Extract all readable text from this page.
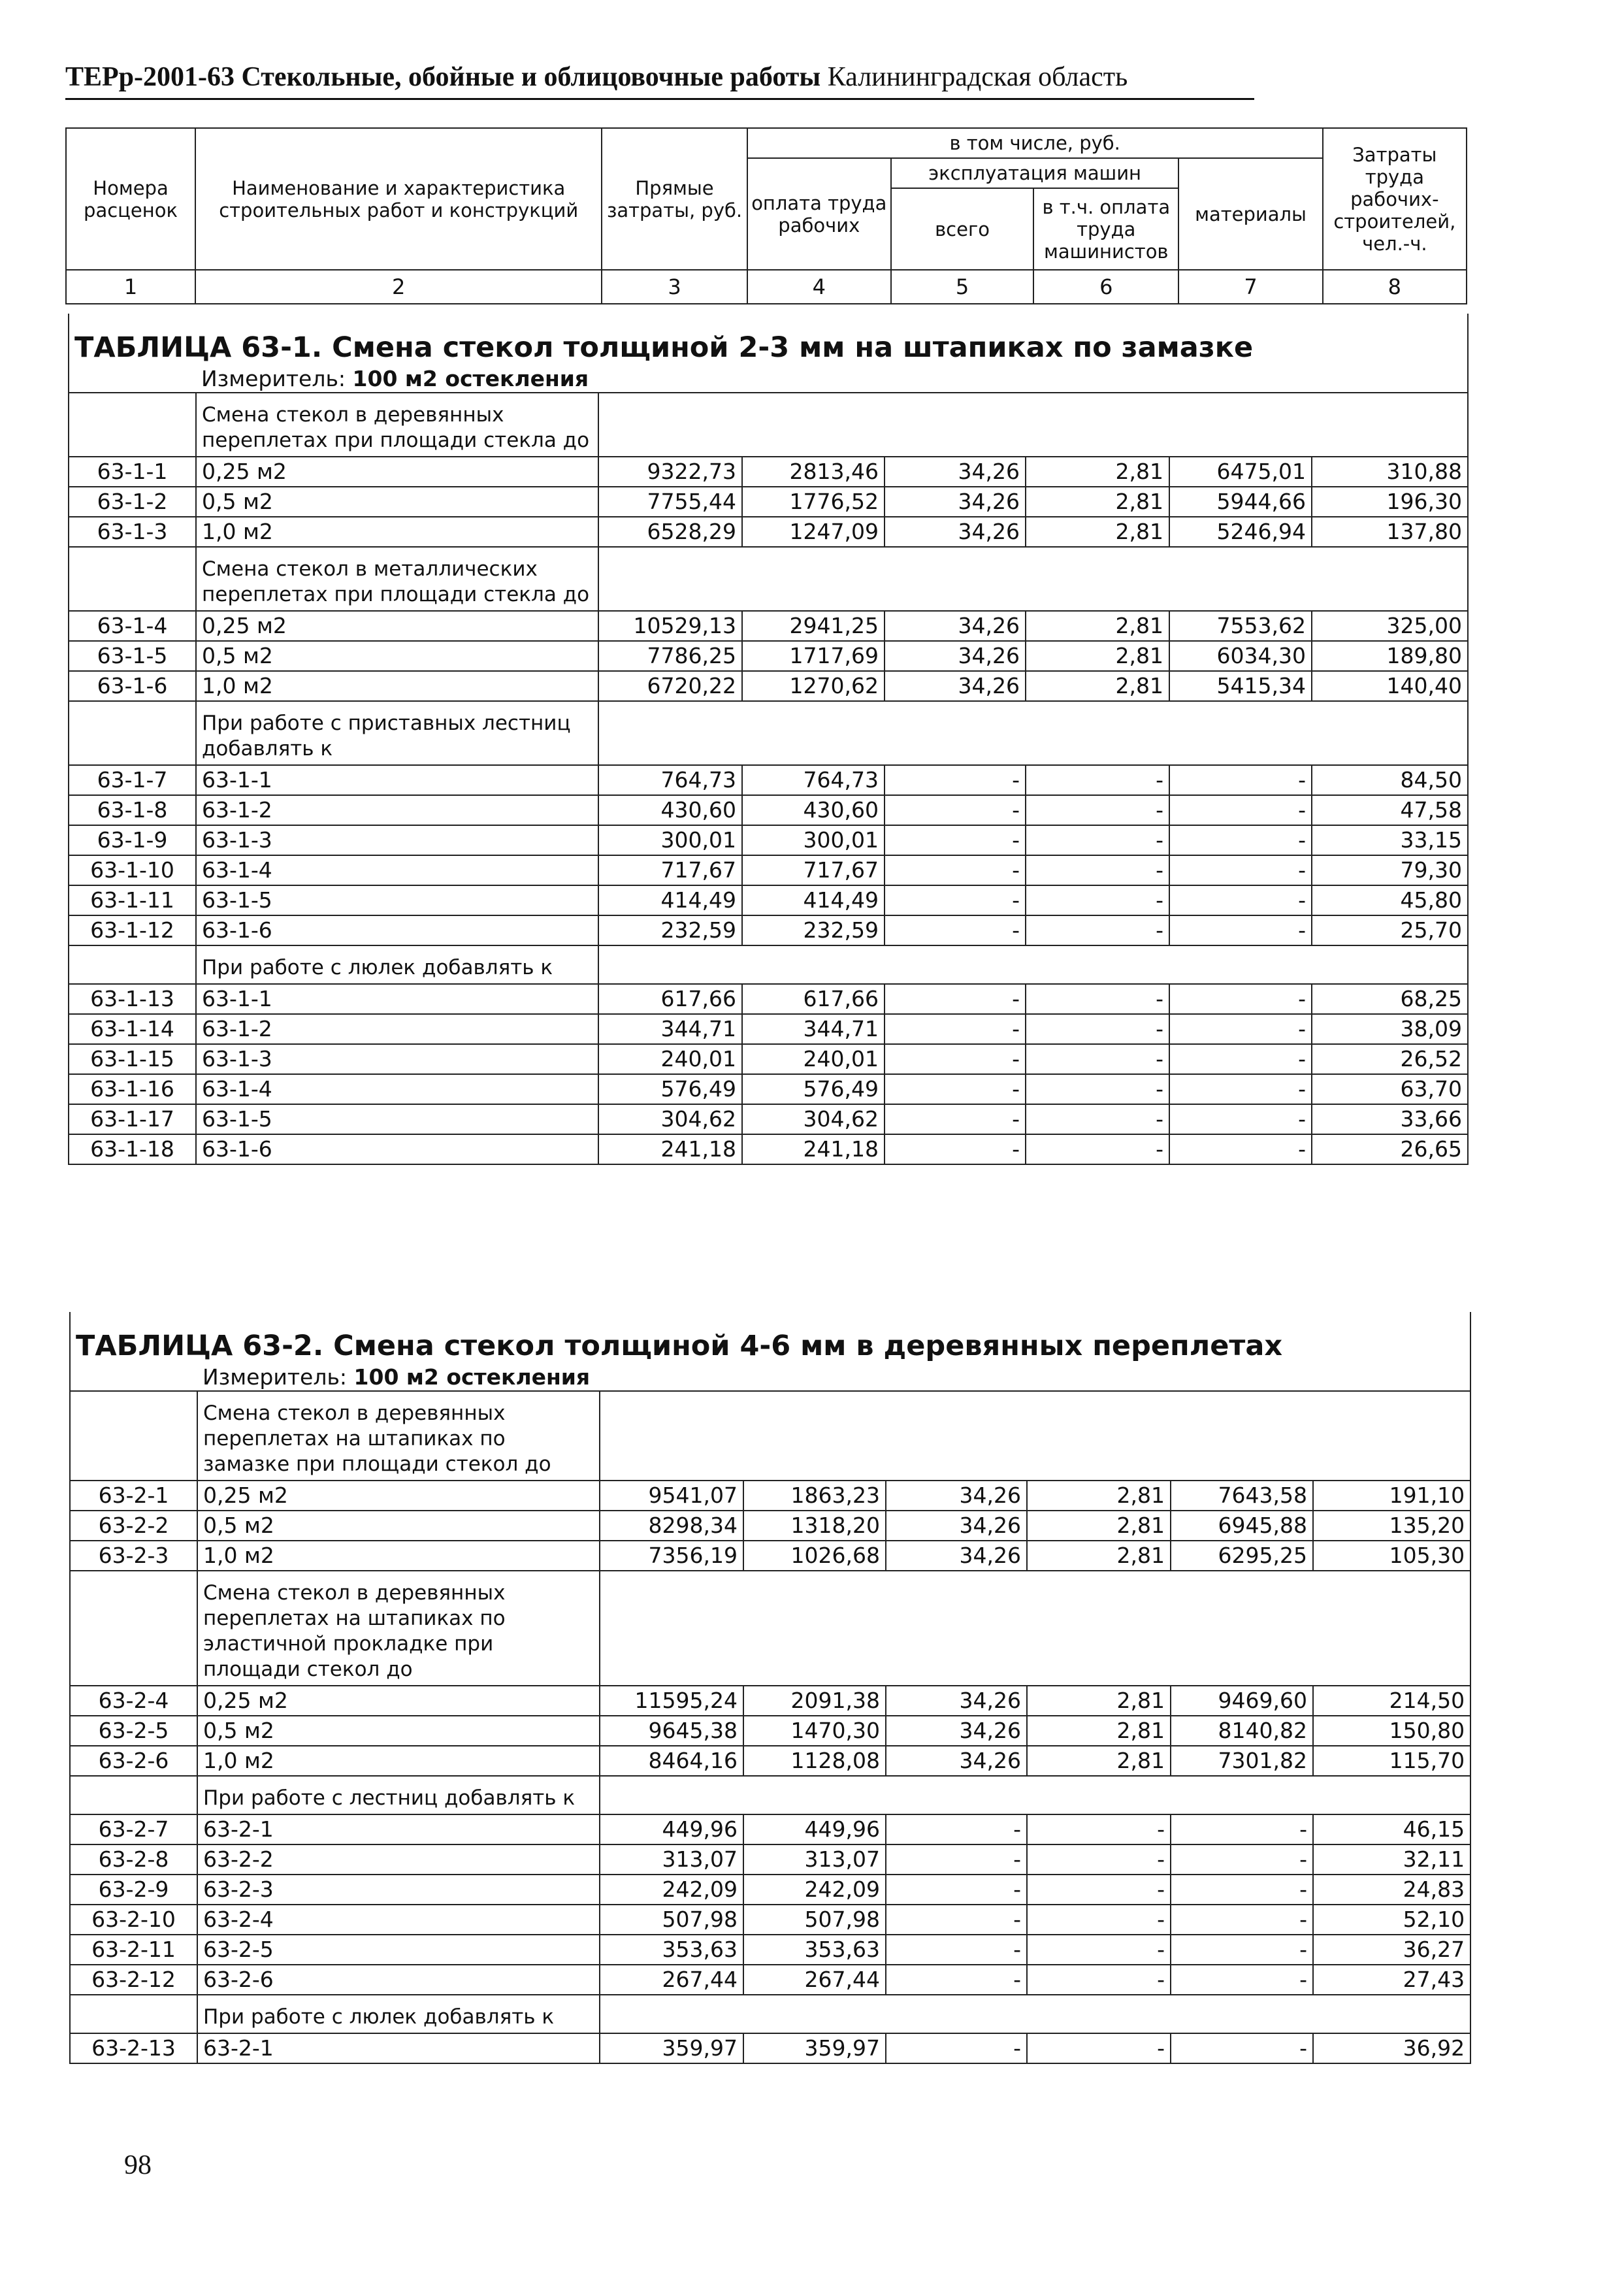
ТЕРр-2001-63 Стекольные, обойные и облицовочные работы Калининградская область
Номера расценок	Наименование и характеристика строительных работ и конструкций	Прямые затраты, руб.	в том числе, руб.				Затраты труда рабочих-строителей, чел.-ч.
			оплата труда рабочих	эксплуатация машин		материалы	
				всего	в т.ч. оплата труда машинистов		
1	2	3	4	5	6	7	8
ТАБЛИЦА 63-1. Смена стекол толщиной 2-3 мм на штапиках по замазке							

	Измеритель: 100 м2 остекления						
	Смена стекол в деревянных переплетах при площади стекла до						
63-1-1	0,25 м2	9322,73	2813,46	34,26	2,81	6475,01	310,88
63-1-2	0,5 м2	7755,44	1776,52	34,26	2,81	5944,66	196,30
63-1-3	1,0 м2	6528,29	1247,09	34,26	2,81	5246,94	137,80
	Смена стекол в металлических переплетах при площади стекла до						
63-1-4	0,25 м2	10529,13	2941,25	34,26	2,81	7553,62	325,00
63-1-5	0,5 м2	7786,25	1717,69	34,26	2,81	6034,30	189,80
63-1-6	1,0 м2	6720,22	1270,62	34,26	2,81	5415,34	140,40
	При работе с приставных лестниц добавлять к						
63-1-7	63-1-1	764,73	764,73	-	-	-	84,50
63-1-8	63-1-2	430,60	430,60	-	-	-	47,58
63-1-9	63-1-3	300,01	300,01	-	-	-	33,15
63-1-10	63-1-4	717,67	717,67	-	-	-	79,30
63-1-11	63-1-5	414,49	414,49	-	-	-	45,80
63-1-12	63-1-6	232,59	232,59	-	-	-	25,70
	При работе с люлек добавлять к						
63-1-13	63-1-1	617,66	617,66	-	-	-	68,25
63-1-14	63-1-2	344,71	344,71	-	-	-	38,09
63-1-15	63-1-3	240,01	240,01	-	-	-	26,52
63-1-16	63-1-4	576,49	576,49	-	-	-	63,70
63-1-17	63-1-5	304,62	304,62	-	-	-	33,66
63-1-18	63-1-6	241,18	241,18	-	-	-	26,65
ТАБЛИЦА 63-2. Смена стекол толщиной 4-6 мм в деревянных переплетах							

	Измеритель: 100 м2 остекления						
	Смена стекол в деревянных переплетах на штапиках по замазке при площади стекол до						
63-2-1	0,25 м2	9541,07	1863,23	34,26	2,81	7643,58	191,10
63-2-2	0,5 м2	8298,34	1318,20	34,26	2,81	6945,88	135,20
63-2-3	1,0 м2	7356,19	1026,68	34,26	2,81	6295,25	105,30
	Смена стекол в деревянных переплетах на штапиках по эластичной прокладке при площади стекол до						
63-2-4	0,25 м2	11595,24	2091,38	34,26	2,81	9469,60	214,50
63-2-5	0,5 м2	9645,38	1470,30	34,26	2,81	8140,82	150,80
63-2-6	1,0 м2	8464,16	1128,08	34,26	2,81	7301,82	115,70
	При работе с лестниц добавлять к						
63-2-7	63-2-1	449,96	449,96	-	-	-	46,15
63-2-8	63-2-2	313,07	313,07	-	-	-	32,11
63-2-9	63-2-3	242,09	242,09	-	-	-	24,83
63-2-10	63-2-4	507,98	507,98	-	-	-	52,10
63-2-11	63-2-5	353,63	353,63	-	-	-	36,27
63-2-12	63-2-6	267,44	267,44	-	-	-	27,43
	При работе с люлек добавлять к						
63-2-13	63-2-1	359,97	359,97	-	-	-	36,92
98
